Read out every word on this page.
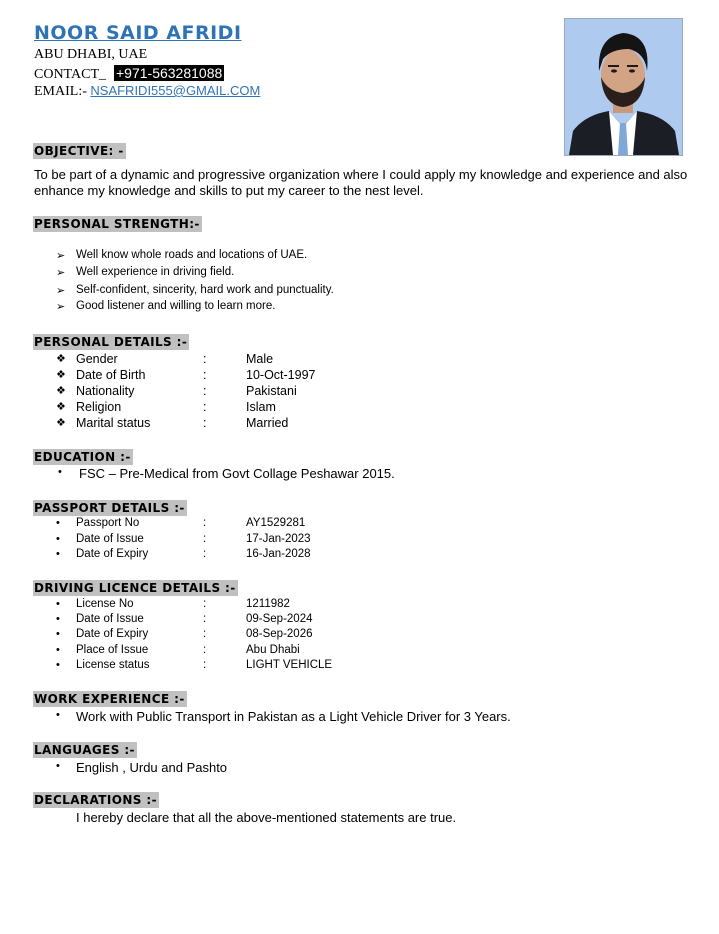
NOOR SAID AFRIDI
ABU DHABI, UAE
CONTACT_ +971-563281088
EMAIL:- NSAFRIDI555@GMAIL.COM
OBJECTIVE: -
To be part of a dynamic and progressive organization where I could apply my knowledge and experience and also enhance my knowledge and skills to put my career to the nest level.
PERSONAL STRENGTH:-
➢ Well know whole roads and locations of UAE.
➢ Well experience in driving field.
➢ Self-confident, sincerity, hard work and punctuality.
➢ Good listener and willing to learn more.
PERSONAL DETAILS :-
❖ Gender	:	Male
❖ Date of Birth	:	10-Oct-1997
❖ Nationality	:	Pakistani
❖ Religion	:	Islam
❖ Marital status	:	Married
EDUCATION :-
• FSC – Pre-Medical from Govt Collage Peshawar 2015.
PASSPORT DETAILS :-
• Passport No	:	AY1529281
• Date of Issue	:	17-Jan-2023
• Date of Expiry	:	16-Jan-2028
DRIVING LICENCE DETAILS :-
• License No	:	1211982
• Date of Issue	:	09-Sep-2024
• Date of Expiry	:	08-Sep-2026
• Place of Issue	:	Abu Dhabi
• License status	:	LIGHT VEHICLE
WORK EXPERIENCE :-
• Work with Public Transport in Pakistan as a Light Vehicle Driver for 3 Years.
LANGUAGES :-
• English , Urdu and Pashto
DECLARATIONS :-
I hereby declare that all the above-mentioned statements are true.
